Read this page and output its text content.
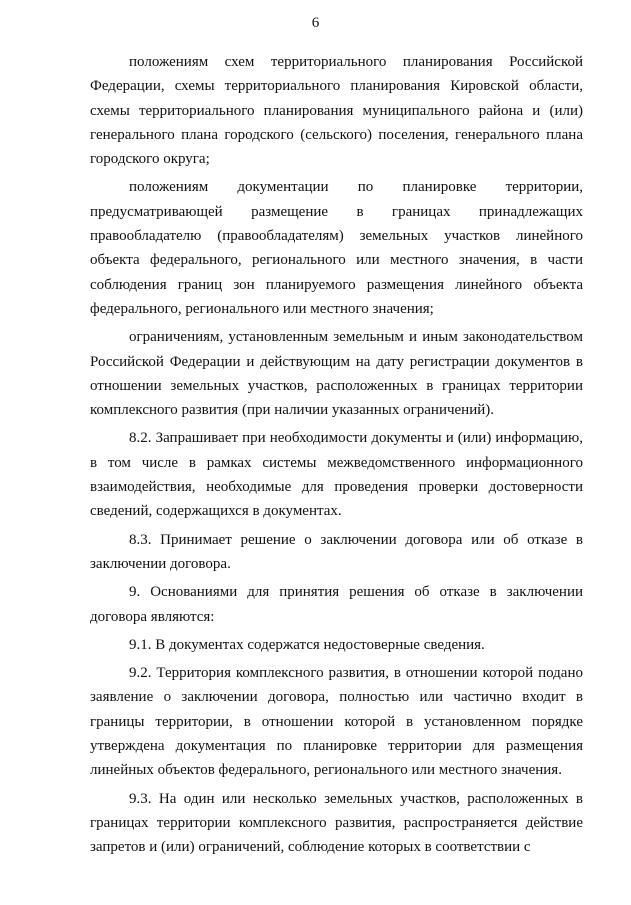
6

положениям схем территориального планирования Российской Федерации, схемы территориального планирования Кировской области, схемы территориального планирования муниципального района и (или) генерального плана городского (сельского) поселения, генерального плана городского округа;

положениям документации по планировке территории, предусматривающей размещение в границах принадлежащих правообладателю (правообладателям) земельных участков линейного объекта федерального, регионального или местного значения, в части соблюдения границ зон планируемого размещения линейного объекта федерального, регионального или местного значения;

ограничениям, установленным земельным и иным законодательством Российской Федерации и действующим на дату регистрации документов в отношении земельных участков, расположенных в границах территории комплексного развития (при наличии указанных ограничений).

8.2. Запрашивает при необходимости документы и (или) информацию, в том числе в рамках системы межведомственного информационного взаимодействия, необходимые для проведения проверки достоверности сведений, содержащихся в документах.

8.3. Принимает решение о заключении договора или об отказе в заключении договора.

9. Основаниями для принятия решения об отказе в заключении договора являются:

9.1. В документах содержатся недостоверные сведения.

9.2. Территория комплексного развития, в отношении которой подано заявление о заключении договора, полностью или частично входит в границы территории, в отношении которой в установленном порядке утверждена документация по планировке территории для размещения линейных объектов федерального, регионального или местного значения.

9.3. На один или несколько земельных участков, расположенных в границах территории комплексного развития, распространяется действие запретов и (или) ограничений, соблюдение которых в соответствии с
